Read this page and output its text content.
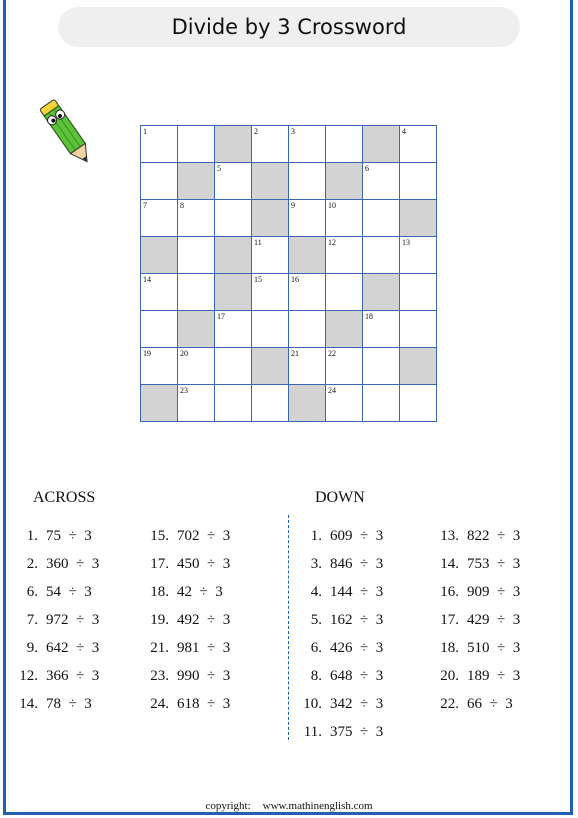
Divide by 3 Crossword
1	2	3	4
5	6
7	8	9	10
11	12	13
14	15	16
17	18
19	20	21	22
23	24
ACROSS	DOWN
1. 75  ÷  3
2. 360  ÷  3
6. 54  ÷  3
7. 972  ÷  3
9. 642  ÷  3
12. 366  ÷  3
14. 78  ÷  3
15. 702  ÷  3
17. 450  ÷  3
18. 42  ÷  3
19. 492  ÷  3
21. 981  ÷  3
23. 990  ÷  3
24. 618  ÷  3
1. 609  ÷  3
3. 846  ÷  3
4. 144  ÷  3
5. 162  ÷  3
6. 426  ÷  3
8. 648  ÷  3
10. 342  ÷  3
11. 375  ÷  3
13. 822  ÷  3
14. 753  ÷  3
16. 909  ÷  3
17. 429  ÷  3
18. 510  ÷  3
20. 189  ÷  3
22. 66  ÷  3
copyright: www.mathinenglish.com
